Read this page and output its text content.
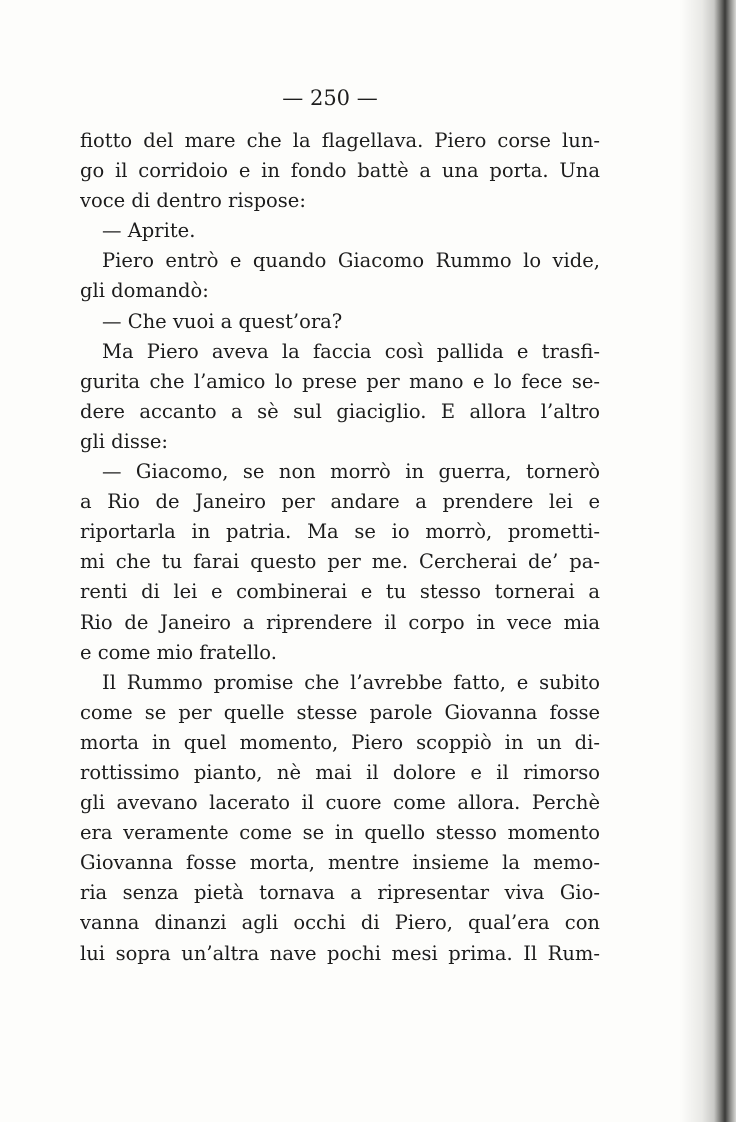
— 250 —
fiotto del mare che la flagellava. Piero corse lun-
go il corridoio e in fondo battè a una porta. Una
voce di dentro rispose:
— Aprite.
Piero entrò e quando Giacomo Rummo lo vide,
gli domandò:
— Che vuoi a quest’ora?
Ma Piero aveva la faccia così pallida e trasfi-
gurita che l’amico lo prese per mano e lo fece se-
dere accanto a sè sul giaciglio. E allora l’altro
gli disse:
— Giacomo, se non morrò in guerra, tornerò
a Rio de Janeiro per andare a prendere lei e
riportarla in patria. Ma se io morrò, prometti-
mi che tu farai questo per me. Cercherai de’ pa-
renti di lei e combinerai e tu stesso tornerai a
Rio de Janeiro a riprendere il corpo in vece mia
e come mio fratello.
Il Rummo promise che l’avrebbe fatto, e subito
come se per quelle stesse parole Giovanna fosse
morta in quel momento, Piero scoppiò in un di-
rottissimo pianto, nè mai il dolore e il rimorso
gli avevano lacerato il cuore come allora. Perchè
era veramente come se in quello stesso momento
Giovanna fosse morta, mentre insieme la memo-
ria senza pietà tornava a ripresentar viva Gio-
vanna dinanzi agli occhi di Piero, qual’era con
lui sopra un’altra nave pochi mesi prima. Il Rum-
